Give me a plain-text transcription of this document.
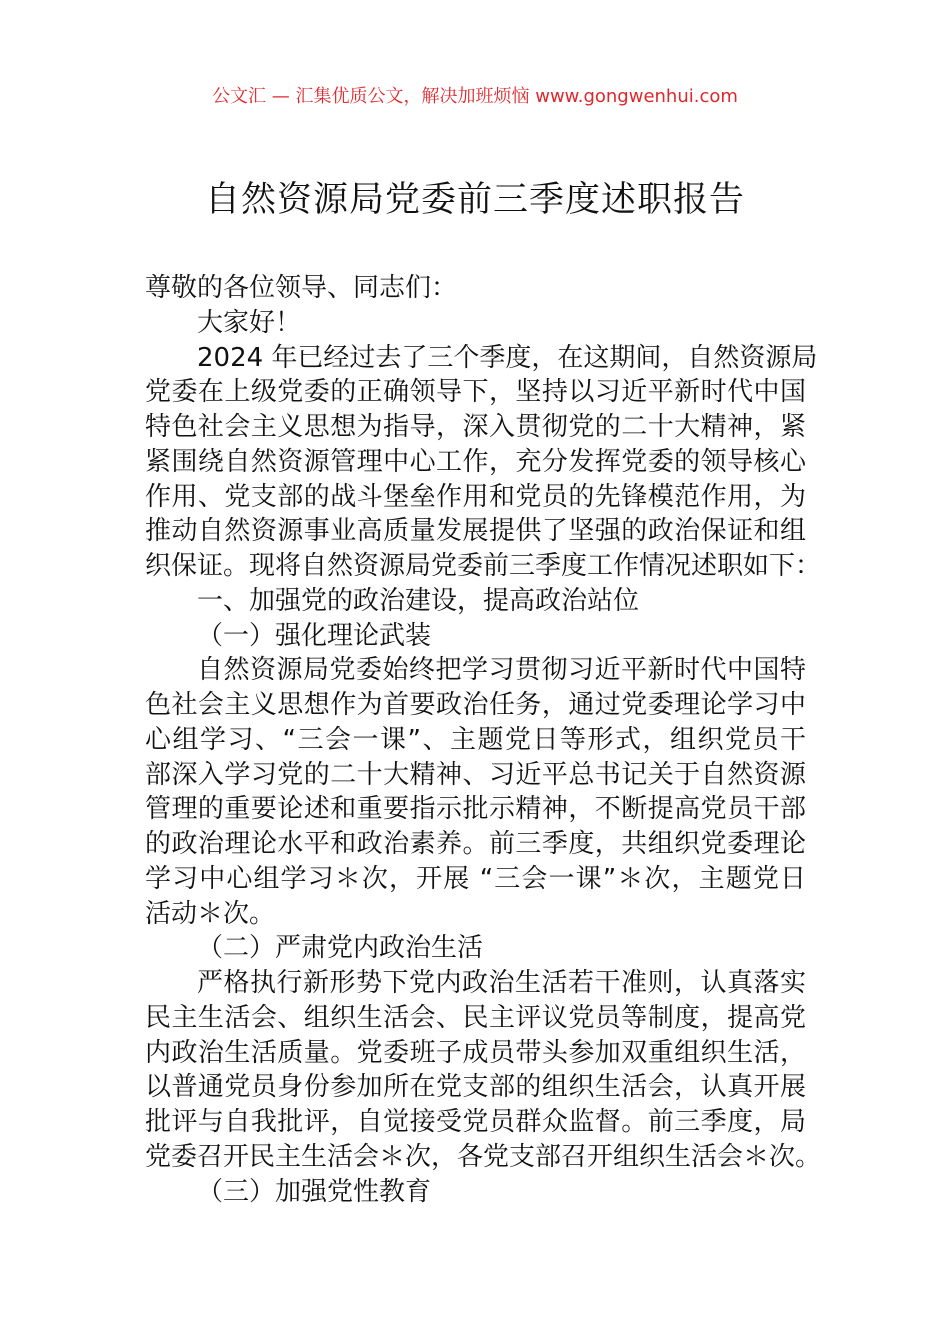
公文汇 — 汇集优质公文，解决加班烦恼 www.gongwenhui.com
自然资源局党委前三季度述职报告
尊敬的各位领导、同志们：
大家好！
2024 年已经过去了三个季度，在这期间，自然资源局
党委在上级党委的正确领导下，坚持以习近平新时代中国
特色社会主义思想为指导，深入贯彻党的二十大精神，紧
紧围绕自然资源管理中心工作，充分发挥党委的领导核心
作用、党支部的战斗堡垒作用和党员的先锋模范作用，为
推动自然资源事业高质量发展提供了坚强的政治保证和组
织保证。现将自然资源局党委前三季度工作情况述职如下：
一、加强党的政治建设，提高政治站位
（一）强化理论武装
自然资源局党委始终把学习贯彻习近平新时代中国特
色社会主义思想作为首要政治任务，通过党委理论学习中
心组学习、“三会一课”、主题党日等形式，组织党员干
部深入学习党的二十大精神、习近平总书记关于自然资源
管理的重要论述和重要指示批示精神，不断提高党员干部
的政治理论水平和政治素养。前三季度，共组织党委理论
学习中心组学习＊次，开展 “三会一课”＊次，主题党日
活动＊次。
（二）严肃党内政治生活
严格执行新形势下党内政治生活若干准则，认真落实
民主生活会、组织生活会、民主评议党员等制度，提高党
内政治生活质量。党委班子成员带头参加双重组织生活，
以普通党员身份参加所在党支部的组织生活会，认真开展
批评与自我批评，自觉接受党员群众监督。前三季度，局
党委召开民主生活会＊次，各党支部召开组织生活会＊次。
（三）加强党性教育
